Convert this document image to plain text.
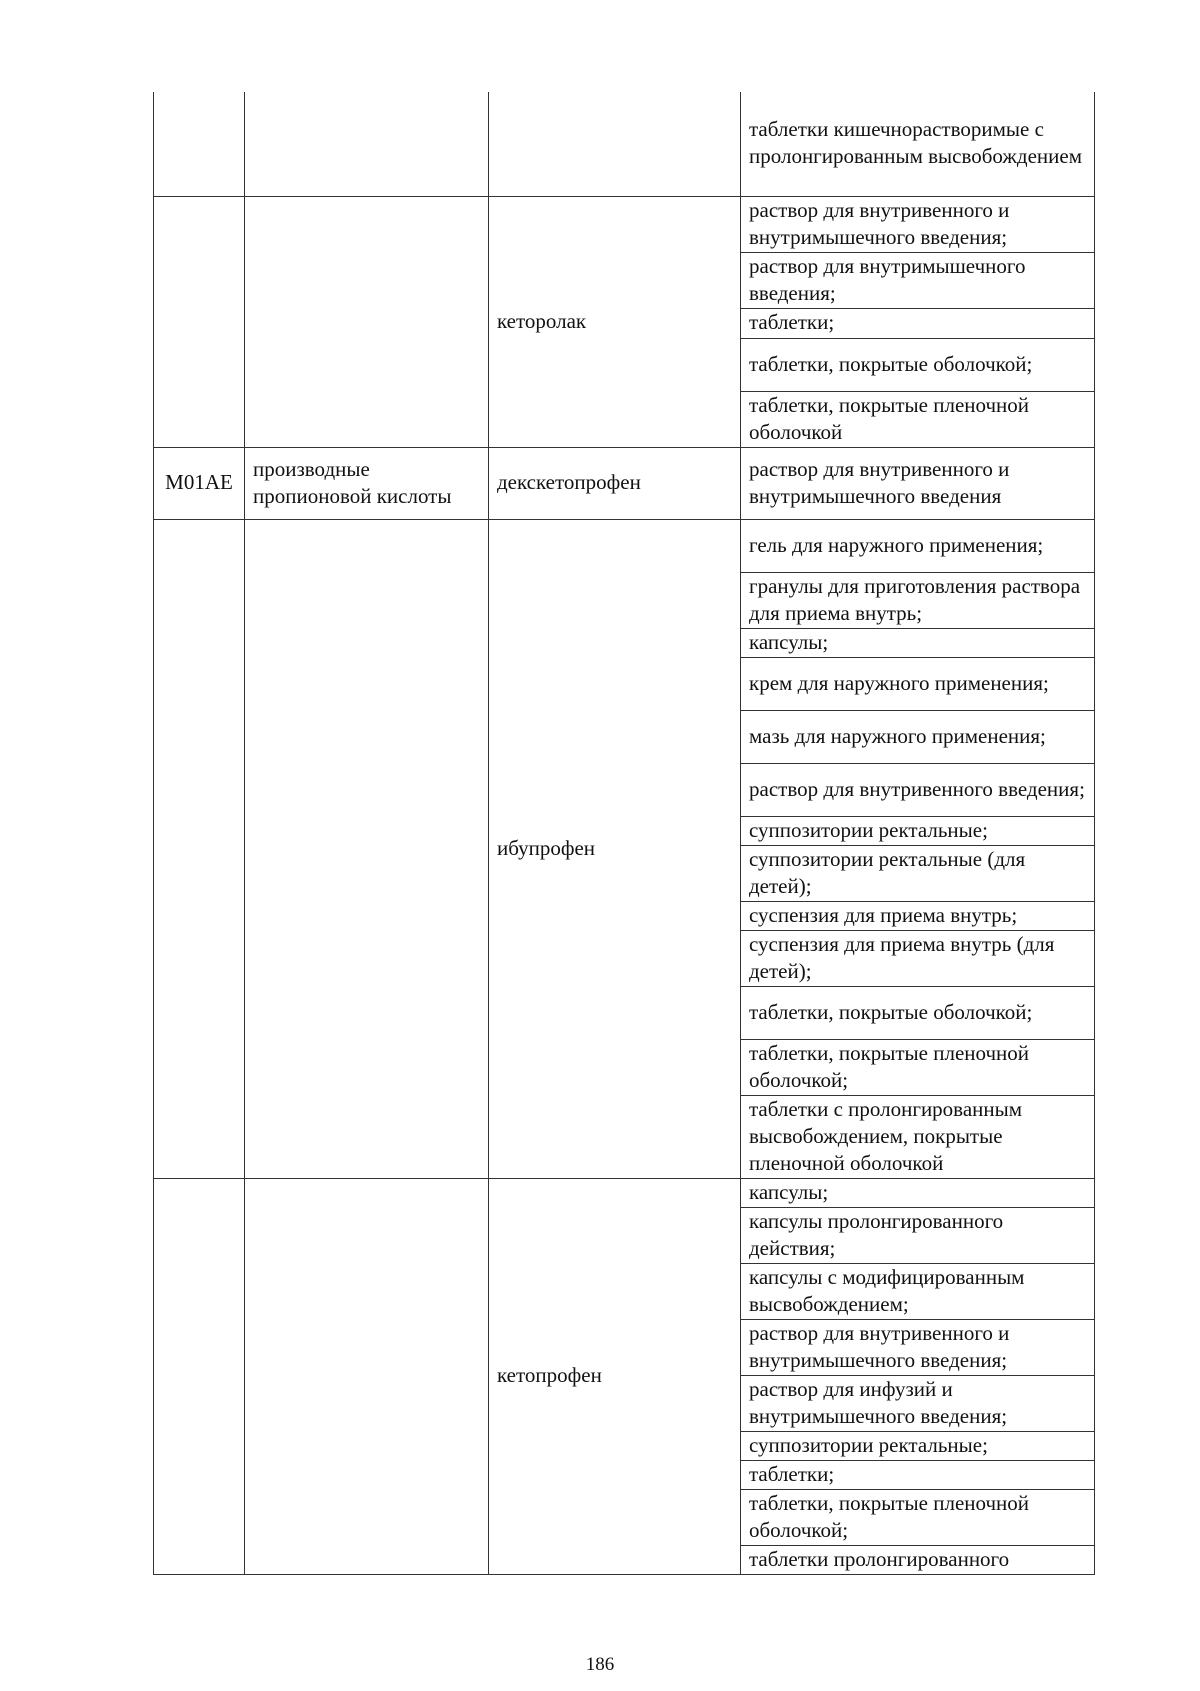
			таблетки кишечнорастворимые с пролонгированным высвобождением
		кеторолак	раствор для внутривенного и внутримышечного введения;
			раствор для внутримышечного введения;
			таблетки;
			таблетки, покрытые оболочкой;
			таблетки, покрытые пленочной оболочкой
M01AE	производные пропионовой кислоты	декскетопрофен	раствор для внутривенного и внутримышечного введения
		ибупрофен	гель для наружного применения;
			гранулы для приготовления раствора для приема внутрь;
			капсулы;
			крем для наружного применения;
			мазь для наружного применения;
			раствор для внутривенного введения;
			суппозитории ректальные;
			суппозитории ректальные (для детей);
			суспензия для приема внутрь;
			суспензия для приема внутрь (для детей);
			таблетки, покрытые оболочкой;
			таблетки, покрытые пленочной оболочкой;
			таблетки с пролонгированным высвобождением, покрытые пленочной оболочкой
		кетопрофен	капсулы;
			капсулы пролонгированного действия;
			капсулы с модифицированным высвобождением;
			раствор для внутривенного и внутримышечного введения;
			раствор для инфузий и внутримышечного введения;
			суппозитории ректальные;
			таблетки;
			таблетки, покрытые пленочной оболочкой;
			таблетки пролонгированного
186
